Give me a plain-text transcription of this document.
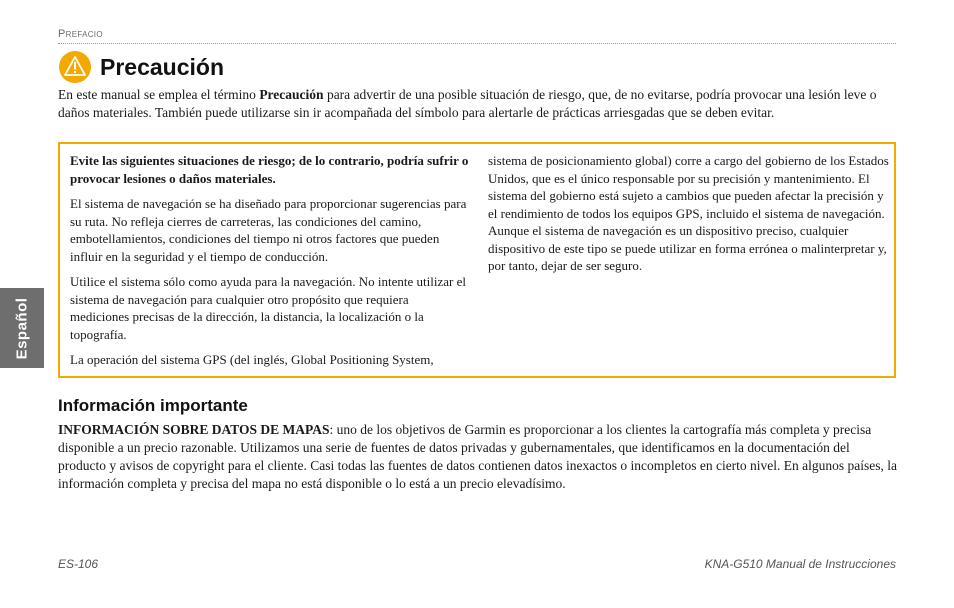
Prefacio
Precaución
En este manual se emplea el término Precaución para advertir de una posible situación de riesgo, que, de no evitarse, podría provocar una lesión leve o daños materiales. También puede utilizarse sin ir acompañada del símbolo para alertarle de prácticas arriesgadas que se deben evitar.

Evite las siguientes situaciones de riesgo; de lo contrario, podría sufrir o provocar lesiones o daños materiales.

El sistema de navegación se ha diseñado para proporcionar sugerencias para su ruta. No refleja cierres de carreteras, las condiciones del camino, embotellamientos, condiciones del tiempo ni otros factores que pueden influir en la seguridad y el tiempo de conducción.

Utilice el sistema sólo como ayuda para la navegación. No intente utilizar el sistema de navegación para cualquier otro propósito que requiera mediciones precisas de la dirección, la distancia, la localización o la topografía.

La operación del sistema GPS (del inglés, Global Positioning System,

sistema de posicionamiento global) corre a cargo del gobierno de los Estados Unidos, que es el único responsable por su precisión y mantenimiento. El sistema del gobierno está sujeto a cambios que pueden afectar la precisión y el rendimiento de todos los equipos GPS, incluido el sistema de navegación. Aunque el sistema de navegación es un dispositivo preciso, cualquier dispositivo de este tipo se puede utilizar en forma errónea o malinterpretar y, por tanto, dejar de ser seguro.

Español
Información importante
INFORMACIÓN SOBRE DATOS DE MAPAS: uno de los objetivos de Garmin es proporcionar a los clientes la cartografía más completa y precisa disponible a un precio razonable. Utilizamos una serie de fuentes de datos privadas y gubernamentales, que identificamos en la documentación del producto y avisos de copyright para el cliente. Casi todas las fuentes de datos contienen datos inexactos o incompletos en cierto nivel. En algunos países, la información completa y precisa del mapa no está disponible o lo está a un precio elevadísimo.
ES-106	KNA-G510 Manual de Instrucciones
